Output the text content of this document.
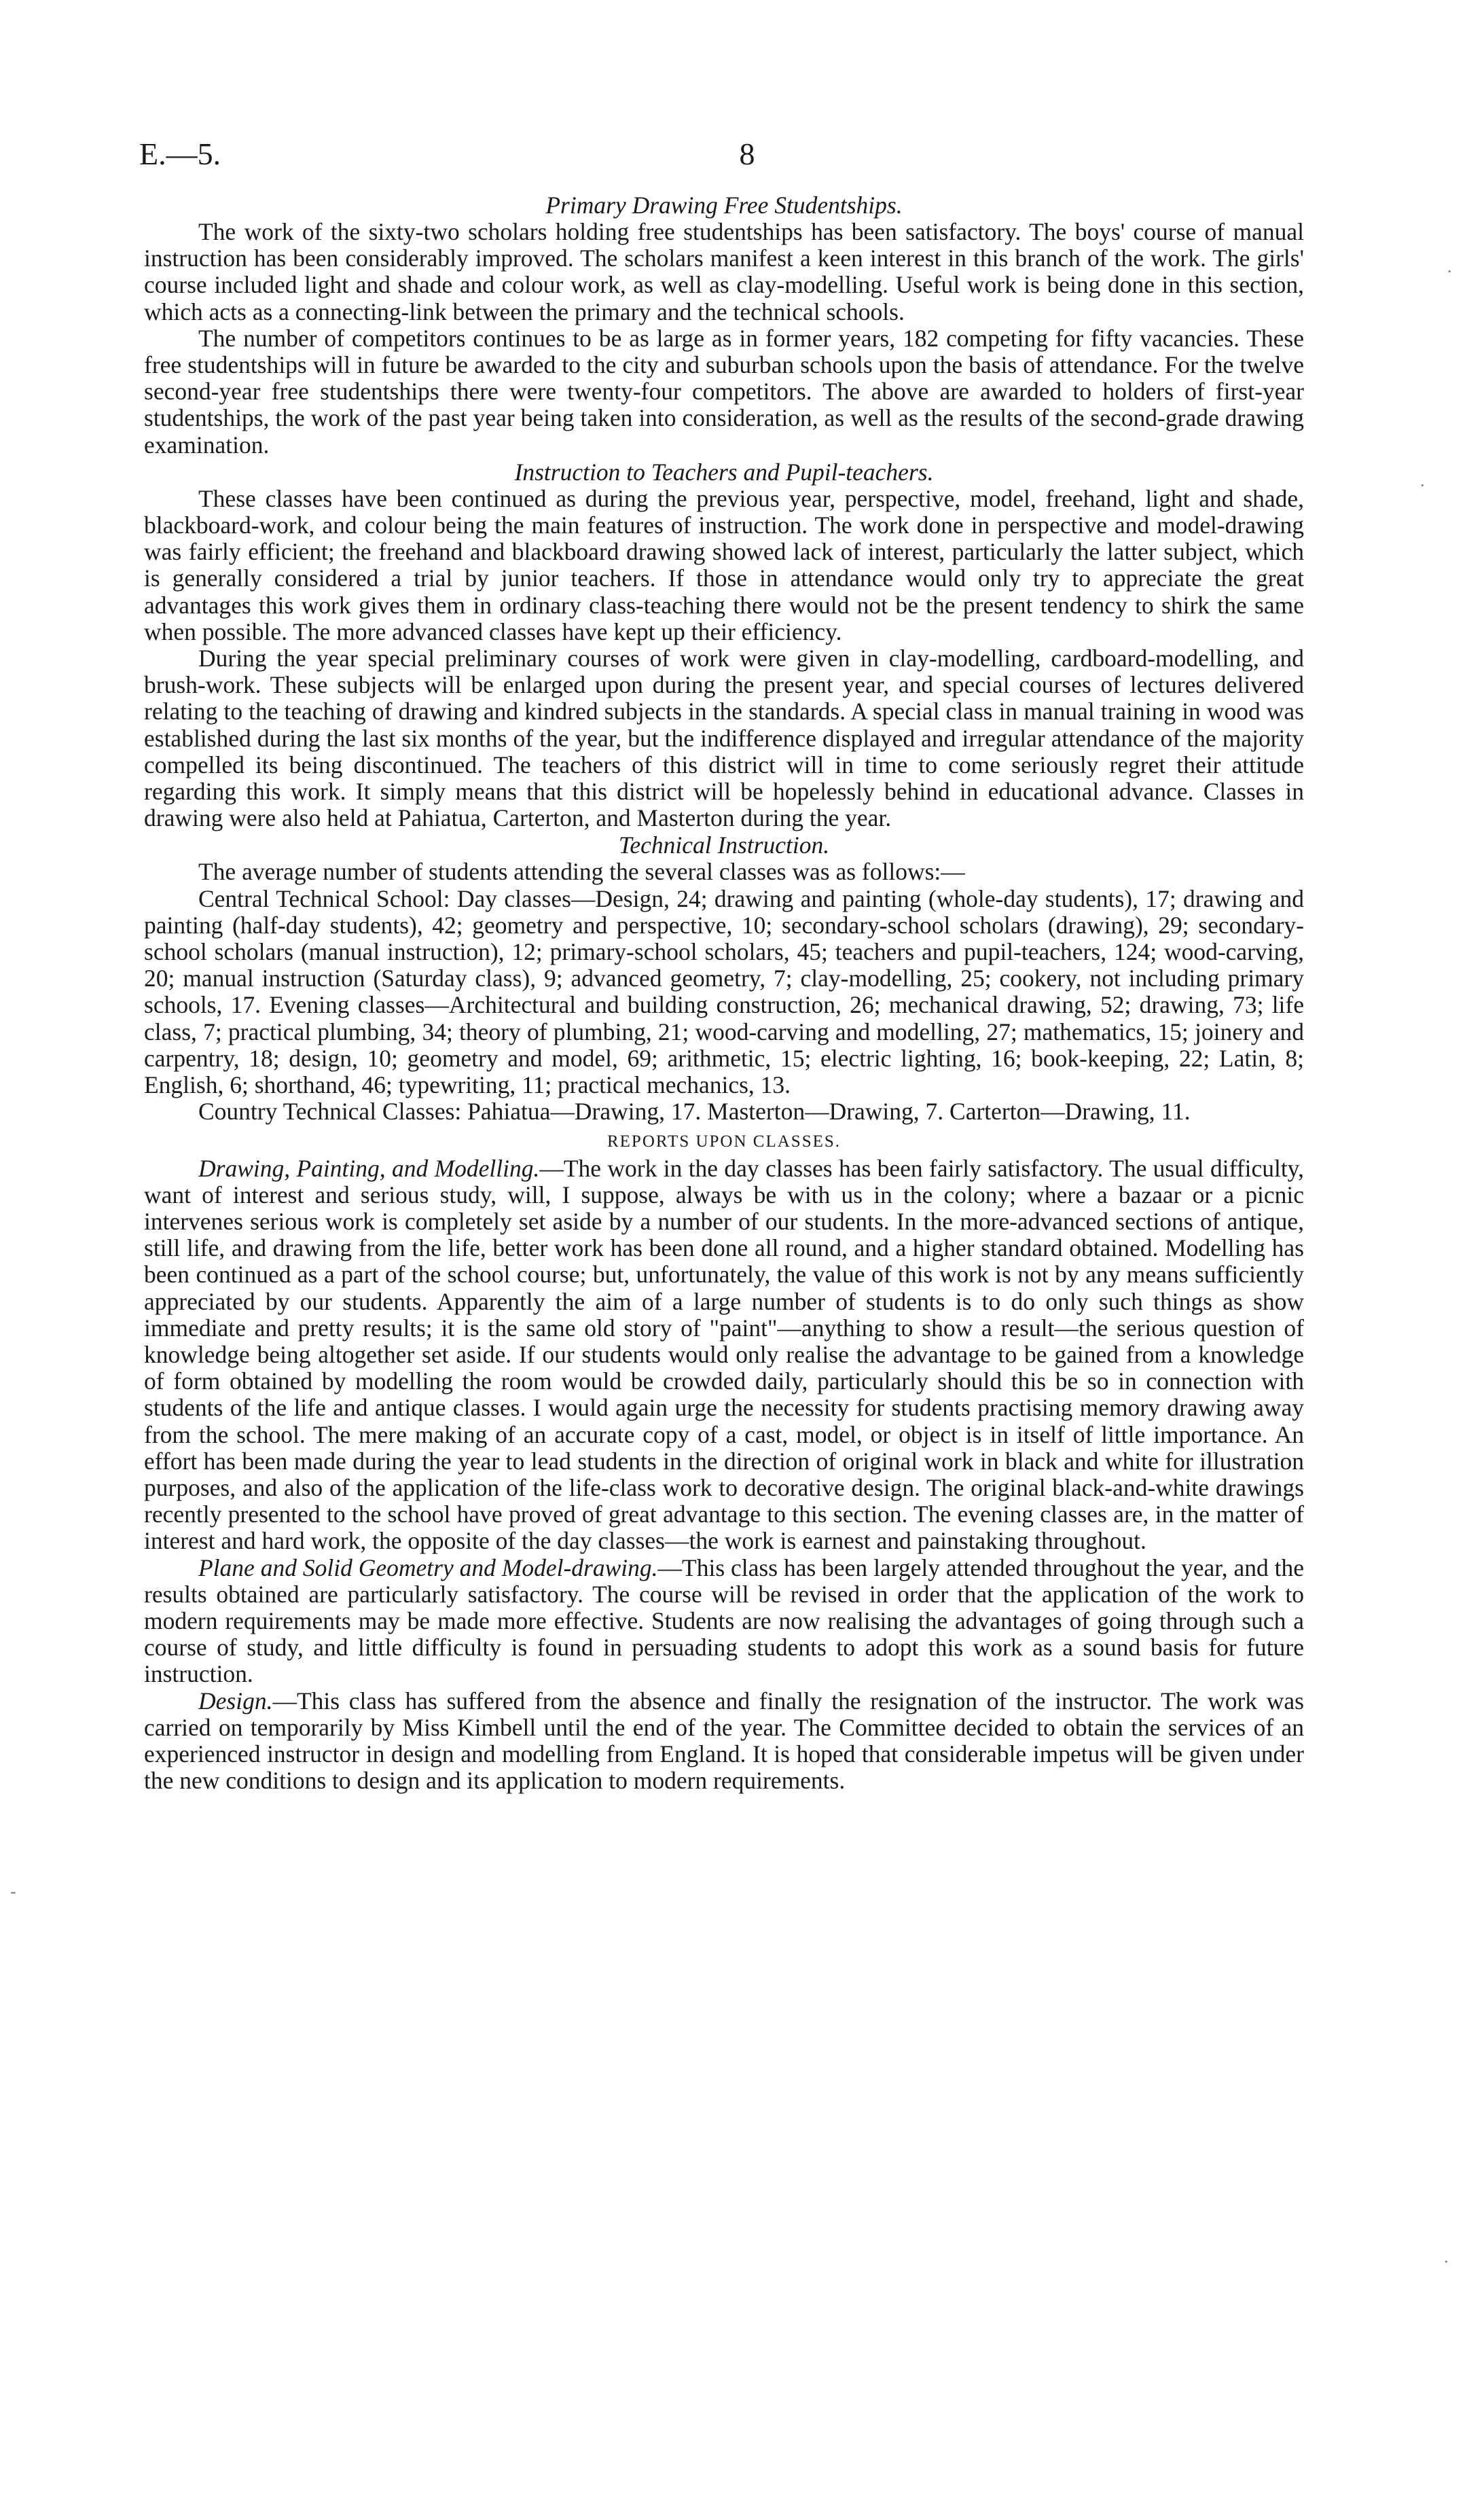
E.—5.	8
Primary Drawing Free Studentships.

The work of the sixty-two scholars holding free studentships has been satisfactory. The boys' course of manual instruction has been considerably improved. The scholars manifest a keen interest in this branch of the work. The girls' course included light and shade and colour work, as well as clay-modelling. Useful work is being done in this section, which acts as a connecting-link between the primary and the technical schools.

The number of competitors continues to be as large as in former years, 182 competing for fifty vacancies. These free studentships will in future be awarded to the city and suburban schools upon the basis of attendance. For the twelve second-year free studentships there were twenty-four competitors. The above are awarded to holders of first-year studentships, the work of the past year being taken into consideration, as well as the results of the second-grade drawing examination.

Instruction to Teachers and Pupil-teachers.

These classes have been continued as during the previous year, perspective, model, freehand, light and shade, blackboard-work, and colour being the main features of instruction. The work done in perspective and model-drawing was fairly efficient; the freehand and blackboard drawing showed lack of interest, particularly the latter subject, which is generally considered a trial by junior teachers. If those in attendance would only try to appreciate the great advantages this work gives them in ordinary class-teaching there would not be the present tendency to shirk the same when possible. The more advanced classes have kept up their efficiency.

During the year special preliminary courses of work were given in clay-modelling, cardboard-modelling, and brush-work. These subjects will be enlarged upon during the present year, and special courses of lectures delivered relating to the teaching of drawing and kindred subjects in the standards. A special class in manual training in wood was established during the last six months of the year, but the indifference displayed and irregular attendance of the majority compelled its being discontinued. The teachers of this district will in time to come seriously regret their attitude regarding this work. It simply means that this district will be hopelessly behind in educational advance. Classes in drawing were also held at Pahiatua, Carterton, and Masterton during the year.

Technical Instruction.

The average number of students attending the several classes was as follows:—

Central Technical School: Day classes—Design, 24; drawing and painting (whole-day students), 17; drawing and painting (half-day students), 42; geometry and perspective, 10; secondary-school scholars (drawing), 29; secondary-school scholars (manual instruction), 12; primary-school scholars, 45; teachers and pupil-teachers, 124; wood-carving, 20; manual instruction (Saturday class), 9; advanced geometry, 7; clay-modelling, 25; cookery, not including primary schools, 17. Evening classes—Architectural and building construction, 26; mechanical drawing, 52; drawing, 73; life class, 7; practical plumbing, 34; theory of plumbing, 21; wood-carving and modelling, 27; mathematics, 15; joinery and carpentry, 18; design, 10; geometry and model, 69; arithmetic, 15; electric lighting, 16; book-keeping, 22; Latin, 8; English, 6; shorthand, 46; typewriting, 11; practical mechanics, 13.

Country Technical Classes: Pahiatua—Drawing, 17. Masterton—Drawing, 7. Carterton—Drawing, 11.

REPORTS UPON CLASSES.

Drawing, Painting, and Modelling.—The work in the day classes has been fairly satisfactory. The usual difficulty, want of interest and serious study, will, I suppose, always be with us in the colony; where a bazaar or a picnic intervenes serious work is completely set aside by a number of our students. In the more-advanced sections of antique, still life, and drawing from the life, better work has been done all round, and a higher standard obtained. Modelling has been continued as a part of the school course; but, unfortunately, the value of this work is not by any means sufficiently appreciated by our students. Apparently the aim of a large number of students is to do only such things as show immediate and pretty results; it is the same old story of "paint"—anything to show a result—the serious question of knowledge being altogether set aside. If our students would only realise the advantage to be gained from a knowledge of form obtained by modelling the room would be crowded daily, particularly should this be so in connection with students of the life and antique classes. I would again urge the necessity for students practising memory drawing away from the school. The mere making of an accurate copy of a cast, model, or object is in itself of little importance. An effort has been made during the year to lead students in the direction of original work in black and white for illustration purposes, and also of the application of the life-class work to decorative design. The original black-and-white drawings recently presented to the school have proved of great advantage to this section. The evening classes are, in the matter of interest and hard work, the opposite of the day classes—the work is earnest and painstaking throughout.

Plane and Solid Geometry and Model-drawing.—This class has been largely attended throughout the year, and the results obtained are particularly satisfactory. The course will be revised in order that the application of the work to modern requirements may be made more effective. Students are now realising the advantages of going through such a course of study, and little difficulty is found in persuading students to adopt this work as a sound basis for future instruction.

Design.—This class has suffered from the absence and finally the resignation of the instructor. The work was carried on temporarily by Miss Kimbell until the end of the year. The Committee decided to obtain the services of an experienced instructor in design and modelling from England. It is hoped that considerable impetus will be given under the new conditions to design and its application to modern requirements.

·
·
-
·
